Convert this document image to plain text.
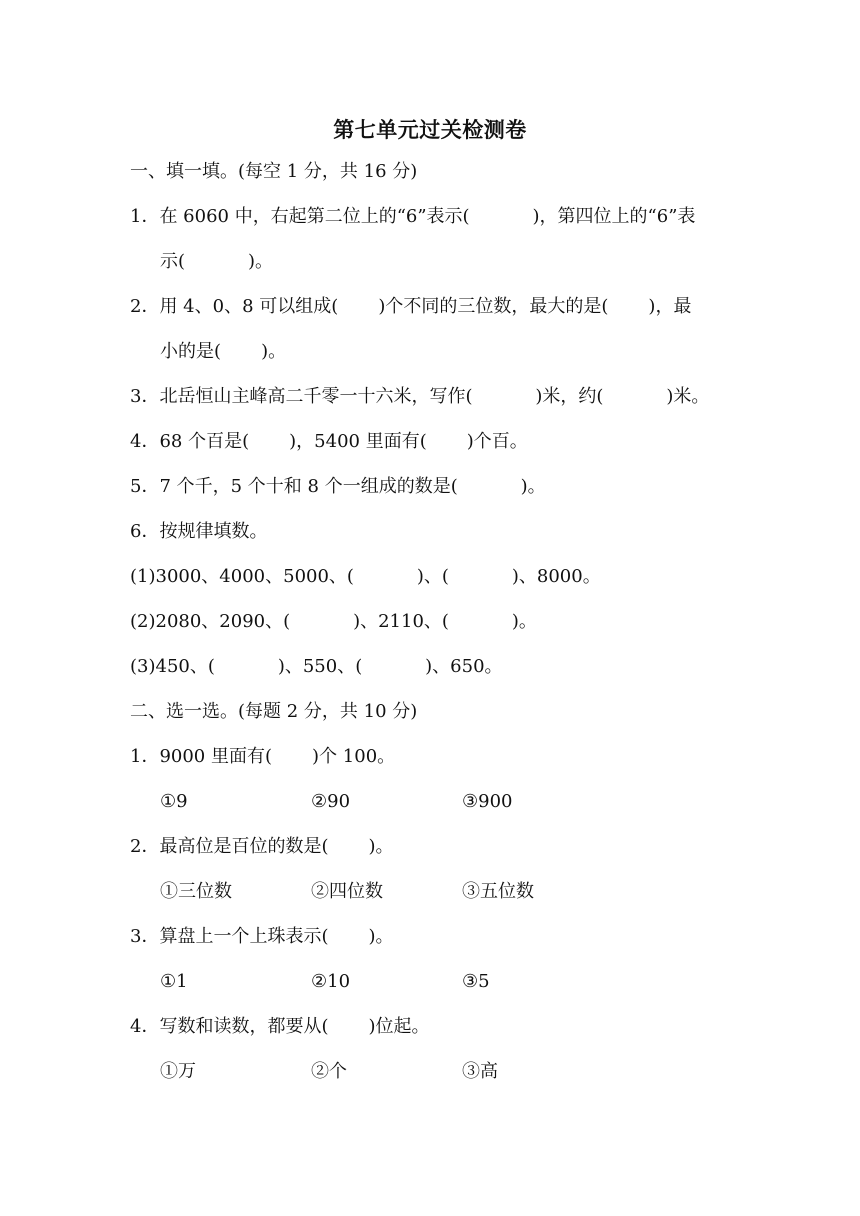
第七单元过关检测卷
一、填一填。(每空 1 分，共 16 分)
1．在 6060 中，右起第二位上的“6”表示(           )，第四位上的“6”表
示(           )。
2．用 4、0、8 可以组成(       )个不同的三位数，最大的是(       )，最
小的是(       )。
3．北岳恒山主峰高二千零一十六米，写作(           )米，约(           )米。
4．68 个百是(       )，5400 里面有(       )个百。
5．7 个千，5 个十和 8 个一组成的数是(           )。
6．按规律填数。
(1)3000、4000、5000、(           )、(           )、8000。
(2)2080、2090、(           )、2110、(           )。
(3)450、(           )、550、(           )、650。
二、选一选。(每题 2 分，共 10 分)
1．9000 里面有(       )个 100。
①9	②90	③900
2．最高位是百位的数是(       )。
①三位数	②四位数	③五位数
3．算盘上一个上珠表示(       )。
①1	②10	③5
4．写数和读数，都要从(       )位起。
①万	②个	③高
